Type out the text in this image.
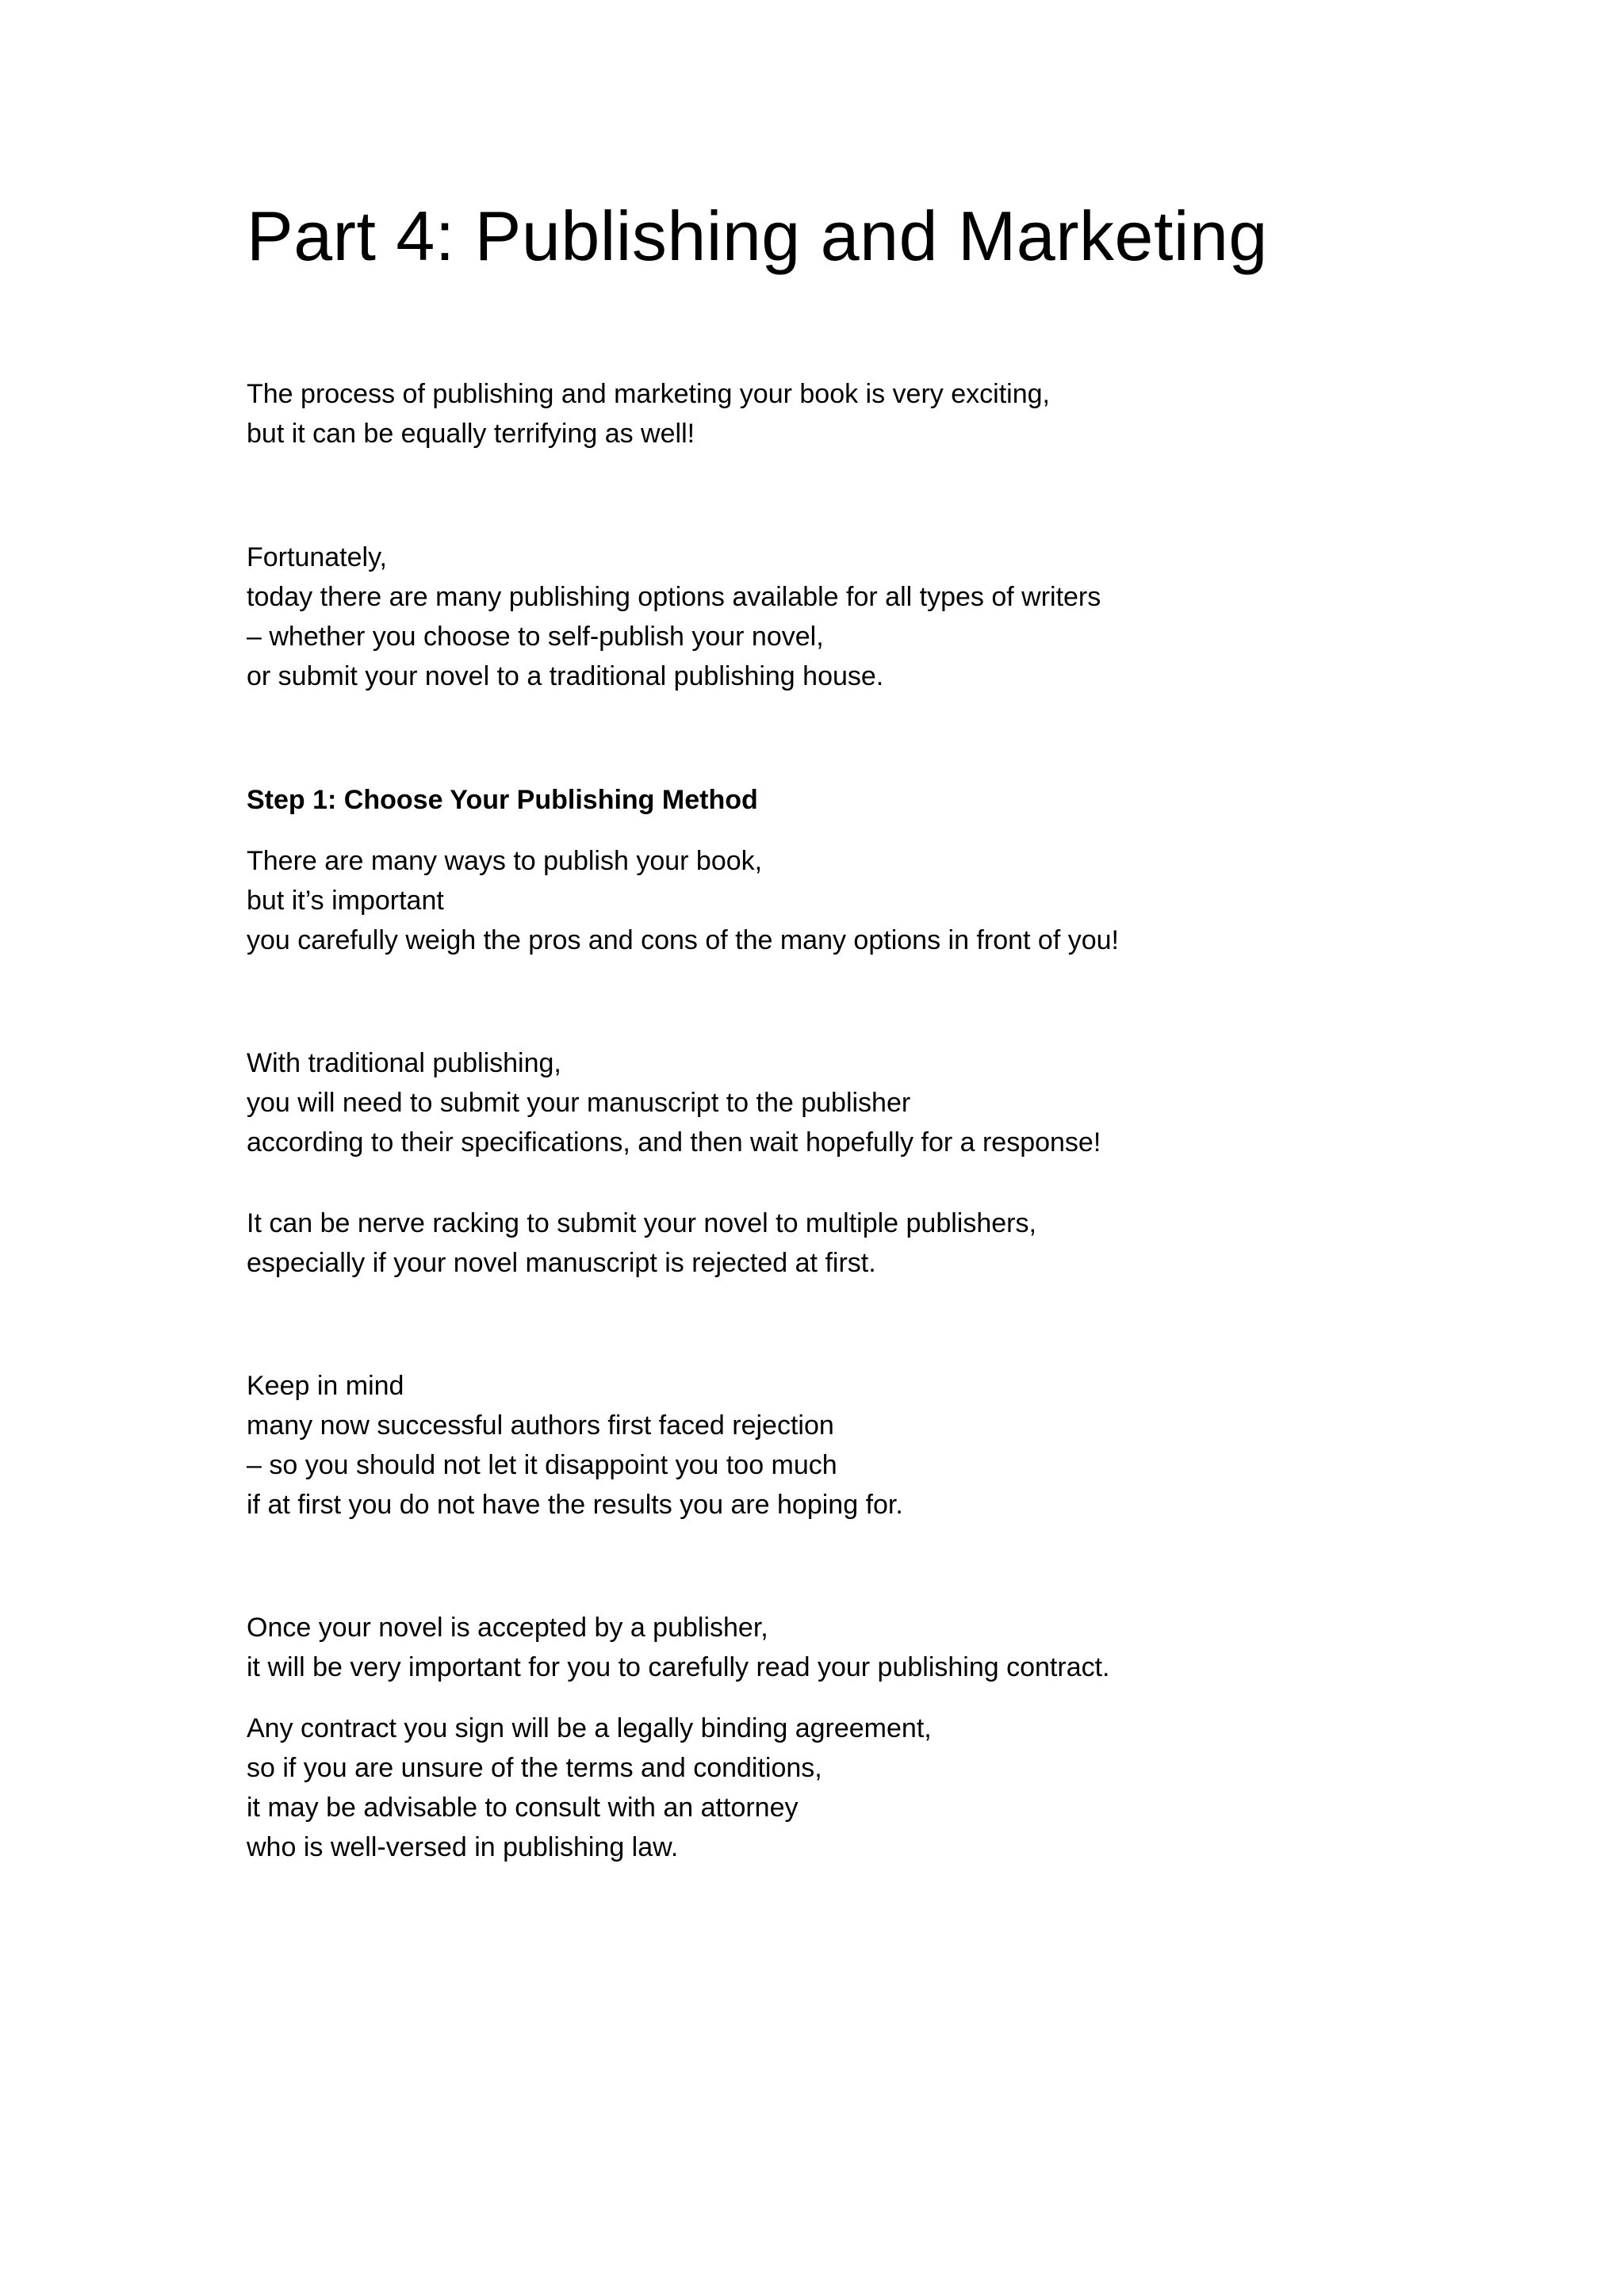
Part 4: Publishing and Marketing

The process of publishing and marketing your book is very exciting,

but it can be equally terrifying as well!

Fortunately,

today there are many publishing options available for all types of writers

– whether you choose to self-publish your novel,

or submit your novel to a traditional publishing house.

Step 1: Choose Your Publishing Method

There are many ways to publish your book,

but it’s important

you carefully weigh the pros and cons of the many options in front of you!

With traditional publishing,

you will need to submit your manuscript to the publisher

according to their specifications, and then wait hopefully for a response!

It can be nerve racking to submit your novel to multiple publishers,

especially if your novel manuscript is rejected at first.

Keep in mind

many now successful authors first faced rejection

– so you should not let it disappoint you too much

if at first you do not have the results you are hoping for.

Once your novel is accepted by a publisher,

it will be very important for you to carefully read your publishing contract.

Any contract you sign will be a legally binding agreement,

so if you are unsure of the terms and conditions,

it may be advisable to consult with an attorney

who is well-versed in publishing law.
